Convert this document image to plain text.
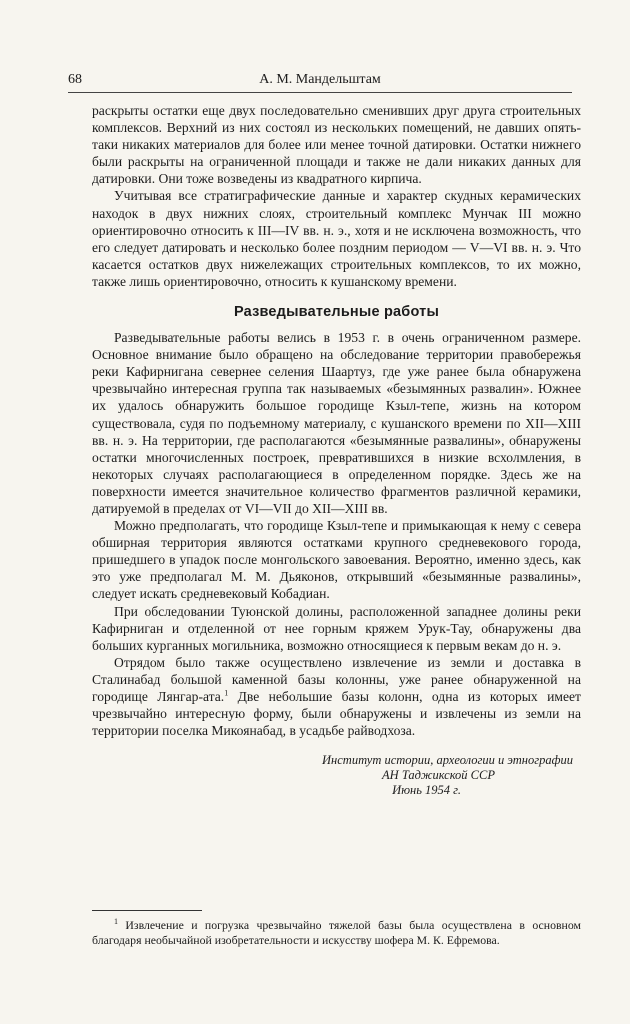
68	А. М. Мандельштам

раскрыты остатки еще двух последовательно сменивших друг друга строительных комплексов. Верхний из них состоял из нескольких помещений, не давших опять-таки никаких материалов для более или менее точной датировки. Остатки нижнего были раскрыты на ограниченной площади и также не дали никаких данных для датировки. Они тоже возведены из квадратного кирпича.

Учитывая все стратиграфические данные и характер скудных керамических находок в двух нижних слоях, строительный комплекс Мунчак III можно ориентировочно относить к III—IV вв. н. э., хотя и не исключена возможность, что его следует датировать и несколько более поздним периодом — V—VI вв. н. э. Что касается остатков двух нижележащих строительных комплексов, то их можно, также лишь ориентировочно, относить к кушанскому времени.

Разведывательные работы

Разведывательные работы велись в 1953 г. в очень ограниченном размере. Основное внимание было обращено на обследование территории правобережья реки Кафирнигана севернее селения Шаартуз, где уже ранее была обнаружена чрезвычайно интересная группа так называемых «безымянных развалин». Южнее их удалось обнаружить большое городище Кзыл-тепе, жизнь на котором существовала, судя по подъемному материалу, с кушанского времени по XII—XIII вв. н. э. На территории, где располагаются «безымянные развалины», обнаружены остатки многочисленных построек, превратившихся в низкие всхолмления, в некоторых случаях располагающиеся в определенном порядке. Здесь же на поверхности имеется значительное количество фрагментов различной керамики, датируемой в пределах от VI—VII до XII—XIII вв.

Можно предполагать, что городище Кзыл-тепе и примыкающая к нему с севера обширная территория являются остатками крупного средневекового города, пришедшего в упадок после монгольского завоевания. Вероятно, именно здесь, как это уже предполагал М. М. Дьяконов, открывший «безымянные развалины», следует искать средневековый Кобадиан.

При обследовании Туюнской долины, расположенной западнее долины реки Кафирниган и отделенной от нее горным кряжем Урук-Тау, обнаружены два больших курганных могильника, возможно относящиеся к первым векам до н. э.

Отрядом было также осуществлено извлечение из земли и доставка в Сталинабад большой каменной базы колонны, уже ранее обнаруженной на городище Лянгар-ата.$^1$ Две небольшие базы колонн, одна из которых имеет чрезвычайно интересную форму, были обнаружены и извлечены из земли на территории поселка Микоянабад, в усадьбе райводхоза.

Институт истории, археологии и этнографии
АН Таджикской ССР
Июнь 1954 г.

$^1$ Извлечение и погрузка чрезвычайно тяжелой базы была осуществлена в основном благодаря необычайной изобретательности и искусству шофера М. К. Ефремова.
